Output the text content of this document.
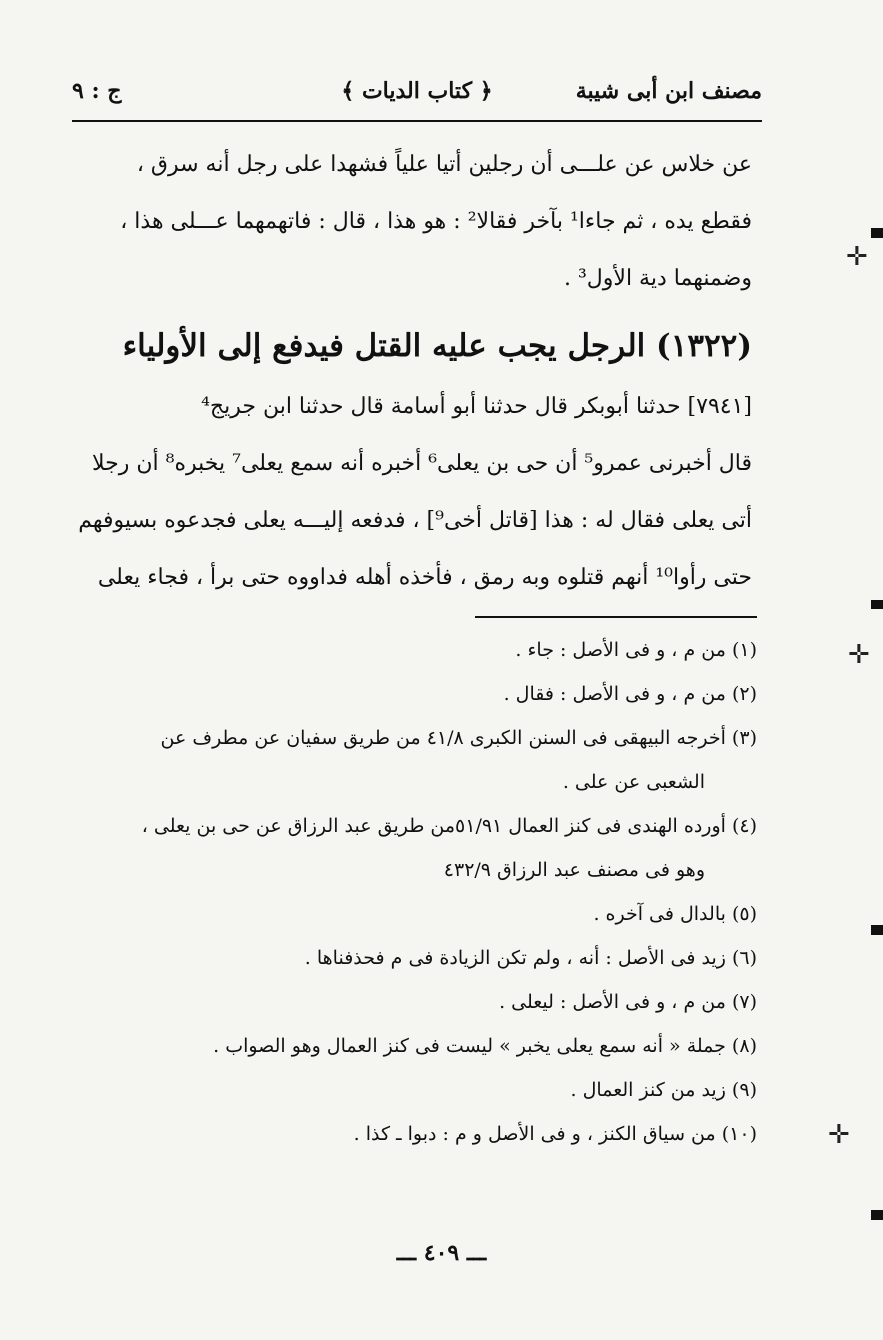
مصنف ابن أبى شيبة
﴿ كتاب الديات ﴾
ج : ٩

عن خلاس عن علـــى أن رجلين أتيا علياً فشهدا على رجل أنه سرق ،

فقطع يده ، ثم جاءا¹ بآخر فقالا² : هو هذا ، قال : فاتهمهما عـــلى هذا ،

وضمنهما دية الأول³ .

(١٣٢٢) الرجل يجب عليه القتل فيدفع إلى الأولياء

[٧٩٤١] حدثنا أبوبكر قال حدثنا أبو أسامة قال حدثنا ابن جريج⁴

قال أخبرنى عمرو⁵ أن حى بن يعلى⁶ أخبره أنه سمع يعلى⁷ يخبره⁸ أن رجلا

أتى يعلى فقال له : هذا [قاتل أخى⁹] ، فدفعه إليـــه يعلى فجدعوه بسيوفهم

حتى رأوا¹⁰ أنهم قتلوه وبه رمق ، فأخذه أهله فداووه حتى برأ ، فجاء يعلى

(١) من م ، و فى الأصل : جاء .

(٢) من م ، و فى الأصل : فقال .

(٣) أخرجه البيهقى فى السنن الكبرى ٤١/٨ من طريق سفيان عن مطرف عن

الشعبى عن على .

(٤) أورده الهندى فى كنز العمال ٥١/٩١من طريق عبد الرزاق عن حى بن يعلى ،

وهو فى مصنف عبد الرزاق ٤٣٢/٩

(٥) بالدال فى آخره .

(٦) زيد فى الأصل : أنه ، ولم تكن الزيادة فى م فحذفناها .

(٧) من م ، و فى الأصل : ليعلى .

(٨) جملة « أنه سمع يعلى يخبر » ليست فى كنز العمال وهو الصواب .

(٩) زيد من كنز العمال .

(١٠) من سياق الكنز ، و فى الأصل و م : دبوا ـ كذا .

ـــ ٤٠٩ ـــ
✛
✛
✛
